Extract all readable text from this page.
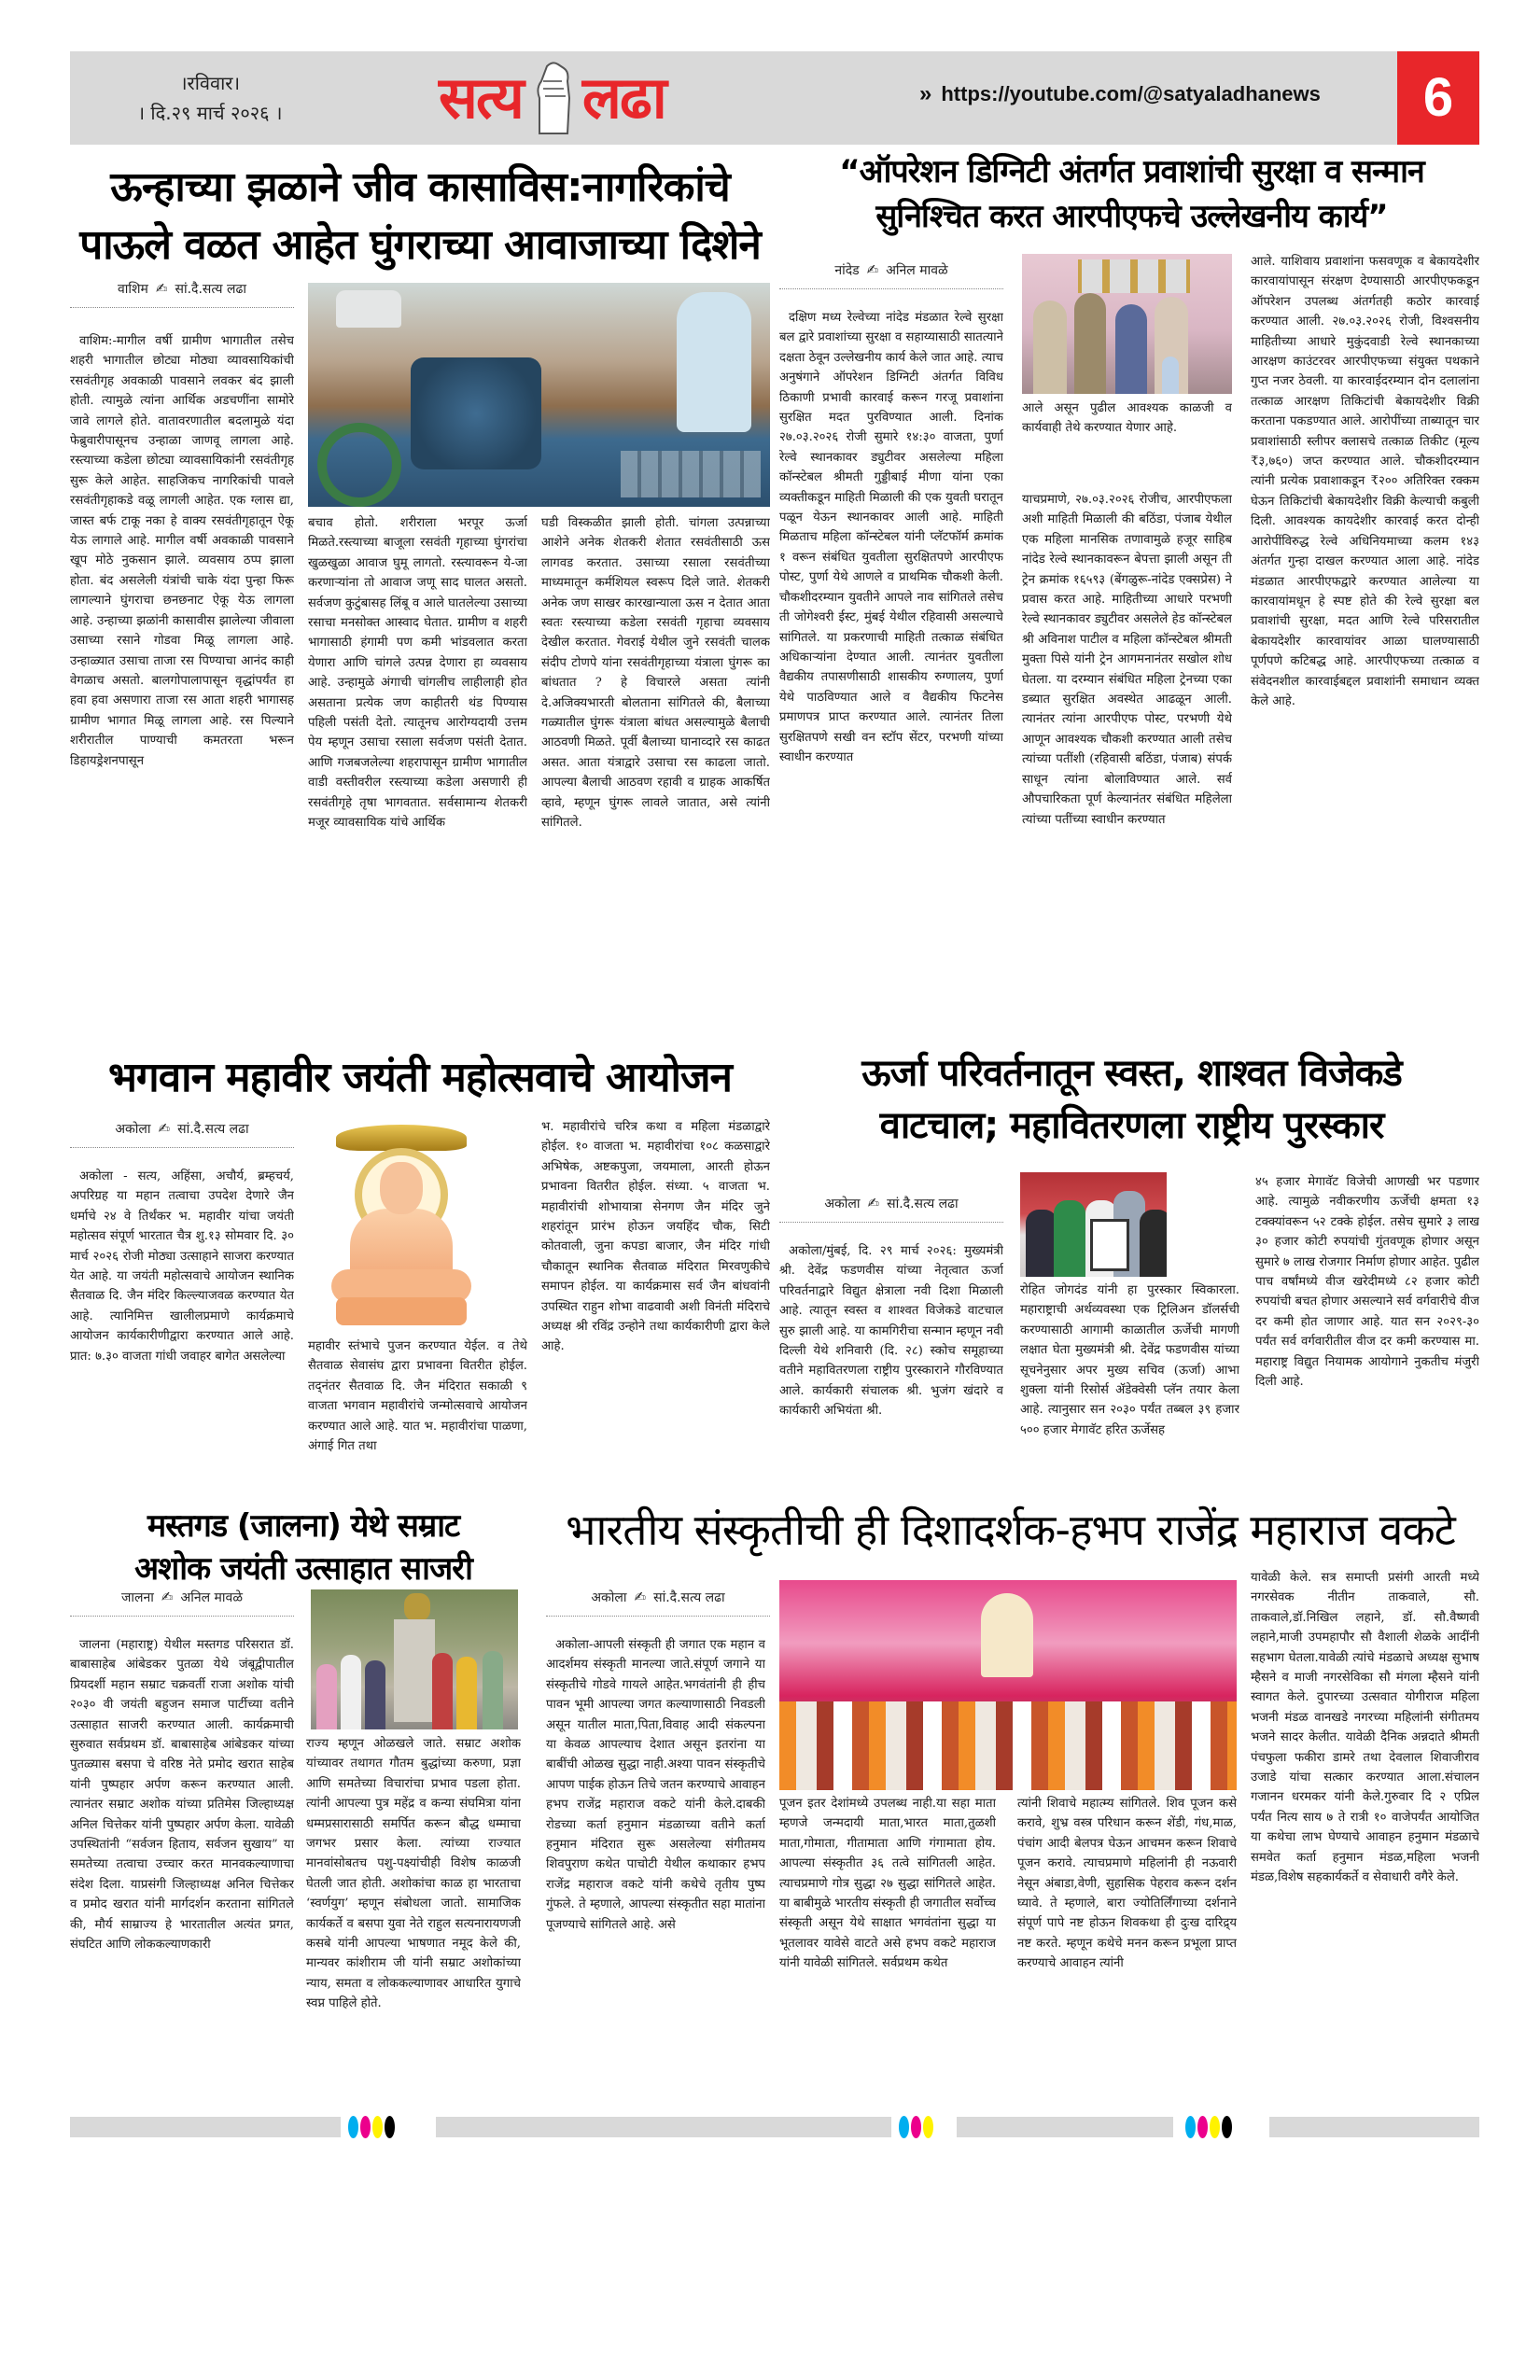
।रविवार।
। दि.२९ मार्च २०२६ ।	सत्य लढा	» https://youtube.com/@satyaladhanews	6
ऊन्हाच्या झळाने जीव कासाविस:नागरिकांचे
पाऊले वळत आहेत घुंगराच्या आवाजाच्या दिशेने
वाशिम ✍ सां.दै.सत्य लढा

वाशिम:-मागील वर्षी ग्रामीण भागातील तसेच शहरी भागातील छोट्या मोठ्या व्यावसायिकांची रसवंतीगृह अवकाळी पावसाने लवकर बंद झाली होती. त्यामुळे त्यांना आर्थिक अडचणींना सामोरे जावे लागले होते. वातावरणातील बदलामुळे यंदा फेब्रुवारीपासूनच उन्हाळा जाणवू लागला आहे. रस्त्याच्या कडेला छोट्या व्यावसायिकांनी रसवंतीगृह सुरू केले आहेत. साहजिकच नागरिकांची पावले रसवंतीगृहाकडे वळू लागली आहेत. एक ग्लास द्या, जास्त बर्फ टाकू नका हे वाक्य रसवंतीगृहातून ऐकू येऊ लागाले आहे. मागील वर्षी अवकाळी पावसाने खूप मोठे नुकसान झाले. व्यवसाय ठप्प झाला होता. बंद असलेली यंत्रांची चाके यंदा पुन्हा फिरू लागल्याने घुंगराचा छनछनाट ऐकू येऊ लागला आहे. उन्हाच्या झळांनी कासावीस झालेल्या जीवाला उसाच्या रसाने गोडवा मिळू लागला आहे. उन्हाळ्यात उसाचा ताजा रस पिण्याचा आनंद काही वेगळाच असतो. बालगोपालापासून वृद्धांपर्यंत हा हवा हवा असणारा ताजा रस आता शहरी भागासह ग्रामीण भागात मिळू लागला आहे. रस पिल्याने शरीरातील पाण्याची कमतरता भरून डिहायड्रेशनपासून

बचाव होतो. शरीराला भरपूर ऊर्जा मिळते.रस्त्याच्या बाजूला रसवंती गृहाच्या घुंगरांचा खुळखुळा आवाज घुमू लागतो. रस्त्यावरून ये-जा करणाऱ्यांना तो आवाज जणू साद घालत असतो. सर्वजण कुटुंबासह लिंबू व आले घातलेल्या उसाच्या रसाचा मनसोक्त आस्वाद घेतात. ग्रामीण व शहरी भागासाठी हंगामी पण कमी भांडवलात करता येणारा आणि चांगले उत्पन्न देणारा हा व्यवसाय आहे. उन्हामुळे अंगाची चांगलीच लाहीलाही होत असताना प्रत्येक जण काहीतरी थंड पिण्यास पहिली पसंती देतो. त्यातूनच आरोग्यदायी उत्तम पेय म्हणून उसाचा रसाला सर्वजण पसंती देतात. आणि गजबजलेल्या शहरापासून ग्रामीण भागातील वाडी वस्तीवरील रस्त्याच्या कडेला असणारी ही रसवंतीगृहे तृषा भागवतात. सर्वसामान्य शेतकरी मजूर व्यावसायिक यांचे आर्थिक

घडी विस्कळीत झाली होती. चांगला उत्पन्नाच्या आशेने अनेक शेतकरी शेतात रसवंतीसाठी ऊस लागवड करतात. उसाच्या रसाला रसवंतीच्या माध्यमातून कर्मशियल स्वरूप दिले जाते. शेतकरी अनेक जण साखर कारखान्याला ऊस न देतात आता स्वतः रस्त्याच्या कडेला रसवंती गृहाचा व्यवसाय देखील करतात. गेवराई येथील जुने रसवंती चालक संदीप टोणपे यांना रसवंतीगृहाच्या यंत्राला घुंगरू का बांधतात ? हे विचारले असता त्यांनी दे.अजिक्यभारती बोलताना सांगितले की, बैलाच्या गळ्यातील घुंगरू यंत्राला बांधत असल्यामुळे बैलाची आठवणी मिळते. पूर्वी बैलाच्या घानाव्दारे रस काढत असत. आता यंत्राद्वारे उसाचा रस काढला जातो. आपल्या बैलाची आठवण रहावी व ग्राहक आकर्षित व्हावे, म्हणून घुंगरू लावले जातात, असे त्यांनी सांगितले.

“ऑपरेशन डिग्निटी अंतर्गत प्रवाशांची सुरक्षा व सन्मान
सुनिश्चित करत आरपीएफचे उल्लेखनीय कार्य”
नांदेड ✍ अनिल मावळे

आले असून पुढील आवश्यक काळजी व कार्यवाही तेथे करण्यात येणार आहे.

दक्षिण मध्य रेल्वेच्या नांदेड मंडळात रेल्वे सुरक्षा बल द्वारे प्रवाशांच्या सुरक्षा व सहाय्यासाठी सातत्याने दक्षता ठेवून उल्लेखनीय कार्य केले जात आहे. त्याच अनुषंगाने ऑपरेशन डिग्निटी अंतर्गत विविध ठिकाणी प्रभावी कारवाई करून गरजू प्रवाशांना सुरक्षित मदत पुरविण्यात आली. दिनांक २७.०३.२०२६ रोजी सुमारे १४:३० वाजता, पुर्णा रेल्वे स्थानकावर ड्युटीवर असलेल्या महिला कॉन्स्टेबल श्रीमती गुड्डीबाई मीणा यांना एका व्यक्तीकडून माहिती मिळाली की एक युवती घरातून पळून येऊन स्थानकावर आली आहे. माहिती मिळताच महिला कॉन्स्टेबल यांनी प्लॅटफॉर्म क्रमांक १ वरून संबंधित युवतीला सुरक्षितपणे आरपीएफ पोस्ट, पुर्णा येथे आणले व प्राथमिक चौकशी केली. चौकशीदरम्यान युवतीने आपले नाव सांगितले तसेच ती जोगेश्वरी ईस्ट, मुंबई येथील रहिवासी असल्याचे सांगितले. या प्रकरणाची माहिती तत्काळ संबंधित अधिकाऱ्यांना देण्यात आली. त्यानंतर युवतीला वैद्यकीय तपासणीसाठी शासकीय रुग्णालय, पुर्णा येथे पाठविण्यात आले व वैद्यकीय फिटनेस प्रमाणपत्र प्राप्त करण्यात आले. त्यानंतर तिला सुरक्षितपणे सखी वन स्टॉप सेंटर, परभणी यांच्या स्वाधीन करण्यात

याचप्रमाणे, २७.०३.२०२६ रोजीच, आरपीएफला अशी माहिती मिळाली की बठिंडा, पंजाब येथील एक महिला मानसिक तणावामुळे हजूर साहिब नांदेड रेल्वे स्थानकावरून बेपत्ता झाली असून ती ट्रेन क्रमांक १६५९३ (बेंगळुरू-नांदेड एक्सप्रेस) ने प्रवास करत आहे. माहितीच्या आधारे परभणी रेल्वे स्थानकावर ड्युटीवर असलेले हेड कॉन्स्टेबल श्री अविनाश पाटील व महिला कॉन्स्टेबल श्रीमती मुक्ता पिसे यांनी ट्रेन आगमनानंतर सखोल शोध घेतला. या दरम्यान संबंधित महिला ट्रेनच्या एका डब्यात सुरक्षित अवस्थेत आढळून आली. त्यानंतर त्यांना आरपीएफ पोस्ट, परभणी येथे आणून आवश्यक चौकशी करण्यात आली तसेच त्यांच्या पतींशी (रहिवासी बठिंडा, पंजाब) संपर्क साधून त्यांना बोलाविण्यात आले. सर्व औपचारिकता पूर्ण केल्यानंतर संबंधित महिलेला त्यांच्या पतींच्या स्वाधीन करण्यात

आले. याशिवाय प्रवाशांना फसवणूक व बेकायदेशीर कारवायांपासून संरक्षण देण्यासाठी आरपीएफकडून ऑपरेशन उपलब्ध अंतर्गतही कठोर कारवाई करण्यात आली. २७.०३.२०२६ रोजी, विश्वसनीय माहितीच्या आधारे मुकुंदवाडी रेल्वे स्थानकाच्या आरक्षण काउंटरवर आरपीएफच्या संयुक्त पथकाने गुप्त नजर ठेवली. या कारवाईदरम्यान दोन दलालांना तत्काळ आरक्षण तिकिटांची बेकायदेशीर विक्री करताना पकडण्यात आले. आरोपींच्या ताब्यातून चार प्रवाशांसाठी स्लीपर क्लासचे तत्काळ तिकीट (मूल्य ₹३,७६०) जप्त करण्यात आले. चौकशीदरम्यान त्यांनी प्रत्येक प्रवाशाकडून ₹२०० अतिरिक्त रक्कम घेऊन तिकिटांची बेकायदेशीर विक्री केल्याची कबुली दिली. आवश्यक कायदेशीर कारवाई करत दोन्ही आरोपींविरुद्ध रेल्वे अधिनियमाच्या कलम १४३ अंतर्गत गुन्हा दाखल करण्यात आला आहे. नांदेड मंडळात आरपीएफद्वारे करण्यात आलेल्या या कारवायांमधून हे स्पष्ट होते की रेल्वे सुरक्षा बल प्रवाशांची सुरक्षा, मदत आणि रेल्वे परिसरातील बेकायदेशीर कारवायांवर आळा घालण्यासाठी पूर्णपणे कटिबद्ध आहे. आरपीएफच्या तत्काळ व संवेदनशील कारवाईबद्दल प्रवाशांनी समाधान व्यक्त केले आहे.

भगवान महावीर जयंती महोत्सवाचे आयोजन
अकोला ✍ सां.दै.सत्य लढा

अकोला - सत्य, अहिंसा, अचौर्य, ब्रम्हचर्य, अपरिग्रह या महान तत्वाचा उपदेश देणारे जैन धर्माचे २४ वे तिर्थंकर भ. महावीर यांचा जयंती महोत्सव संपूर्ण भारतात चैत्र शु.१३ सोमवार दि. ३० मार्च २०२६ रोजी मोठ्या उत्साहाने साजरा करण्यात येत आहे. या जयंती महोत्सवाचे आयोजन स्थानिक सैतवाळ दि. जैन मंदिर किल्ल्याजवळ करण्यात येत आहे. त्यानिमित्त खालीलप्रमाणे कार्यक्रमाचे आयोजन कार्यकारीणीद्वारा करण्यात आले आहे. प्रात: ७.३० वाजता गांधी जवाहर बागेत असलेल्या

महावीर स्तंभाचे पुजन करण्यात येईल. व तेथे सैतवाळ सेवासंघ द्वारा प्रभावना वितरीत होईल. तद्नंतर सैतवाळ दि. जैन मंदिरात सकाळी ९ वाजता भगवान महावीरांचे जन्मोत्सवाचे आयोजन करण्यात आले आहे. यात भ. महावीरांचा पाळणा, अंगाई गित तथा

भ. महावीरांचे चरित्र कथा व महिला मंडळाद्वारे होईल. १० वाजता भ. महावीरांचा १०८ कळसाद्वारे अभिषेक, अष्टकपुजा, जयमाला, आरती होऊन प्रभावना वितरीत होईल. संध्या. ५ वाजता भ. महावीरांची शोभायात्रा सेनगण जैन मंदिर जुने शहरांतून प्रारंभ होऊन जयहिंद चौक, सिटी कोतवाली, जुना कपडा बाजार, जैन मंदिर गांधी चौकातून स्थानिक सैतवाळ मंदिरात मिरवणुकीचे समापन होईल. या कार्यक्रमास सर्व जैन बांधवांनी उपस्थित राहुन शोभा वाढवावी अशी विनंती मंदिराचे अध्यक्ष श्री रविंद्र उन्होने तथा कार्यकारीणी द्वारा केले आहे.

ऊर्जा परिवर्तनातून स्वस्त, शाश्वत विजेकडे
वाटचाल; महावितरणला राष्ट्रीय पुरस्कार
अकोला ✍ सां.दै.सत्य लढा

अकोला/मुंबई, दि. २९ मार्च २०२६: मुख्यमंत्री श्री. देवेंद्र फडणवीस यांच्या नेतृत्वात ऊर्जा परिवर्तनाद्वारे विद्युत क्षेत्राला नवी दिशा मिळाली आहे. त्यातून स्वस्त व शाश्वत विजेकडे वाटचाल सुरु झाली आहे. या कामगिरीचा सन्मान म्हणून नवी दिल्ली येथे शनिवारी (दि. २८) स्कोच समूहाच्या वतीने महावितरणला राष्ट्रीय पुरस्काराने गौरविण्यात आले. कार्यकारी संचालक श्री. भुजंग खंदारे व कार्यकारी अभियंता श्री.

रोहित जोगदंड यांनी हा पुरस्कार स्विकारला. महाराष्ट्राची अर्थव्यवस्था एक ट्रिलिअन डॉलर्सची करण्यासाठी आगामी काळातील ऊर्जेची मागणी लक्षात घेता मुख्यमंत्री श्री. देवेंद्र फडणवीस यांच्या सूचनेनुसार अपर मुख्य सचिव (ऊर्जा) आभा शुक्ला यांनी रिसोर्स ॲडेक्वेसी प्लॅन तयार केला आहे. त्यानुसार सन २०३० पर्यंत तब्बल ३९ हजार ५०० हजार मेगावॅट हरित ऊर्जेसह

४५ हजार मेगावॅट विजेची आणखी भर पडणार आहे. त्यामुळे नवीकरणीय ऊर्जेची क्षमता १३ टक्क्यांवरून ५२ टक्के होईल. तसेच सुमारे ३ लाख ३० हजार कोटी रुपयांची गुंतवणूक होणार असून सुमारे ७ लाख रोजगार निर्माण होणार आहेत. पुढील पाच वर्षांमध्ये वीज खरेदीमध्ये ८२ हजार कोटी रुपयांची बचत होणार असल्याने सर्व वर्गवारीचे वीज दर कमी होत जाणार आहे. यात सन २०२९-३० पर्यंत सर्व वर्गवारीतील वीज दर कमी करण्यास मा. महाराष्ट्र विद्युत नियामक आयोगाने नुकतीच मंजुरी दिली आहे.

मस्तगड (जालना) येथे सम्राट
अशोक जयंती उत्साहात साजरी
जालना ✍ अनिल मावळे

जालना (महाराष्ट्र) येथील मस्तगड परिसरात डॉ. बाबासाहेब आंबेडकर पुतळा येथे जंबूद्वीपातील प्रियदर्शी महान सम्राट चक्रवर्ती राजा अशोक यांची २०३० वी जयंती बहुजन समाज पार्टीच्या वतीने उत्साहात साजरी करण्यात आली. कार्यक्रमाची सुरुवात सर्वप्रथम डॉ. बाबासाहेब आंबेडकर यांच्या पुतळ्यास बसपा चे वरिष्ठ नेते प्रमोद खरात साहेब यांनी पुष्पहार अर्पण करून करण्यात आली. त्यानंतर सम्राट अशोक यांच्या प्रतिमेस जिल्हाध्यक्ष अनिल चित्तेकर यांनी पुष्पहार अर्पण केला. यावेळी उपस्थितांनी “सर्वजन हिताय, सर्वजन सुखाय” या समतेच्या तत्वाचा उच्चार करत मानवकल्याणाचा संदेश दिला. याप्रसंगी जिल्हाध्यक्ष अनिल चित्तेकर व प्रमोद खरात यांनी मार्गदर्शन करताना सांगितले की, मौर्य साम्राज्य हे भारतातील अत्यंत प्रगत, संघटित आणि लोककल्याणकारी

राज्य म्हणून ओळखले जाते. सम्राट अशोक यांच्यावर तथागत गौतम बुद्धांच्या करुणा, प्रज्ञा आणि समतेच्या विचारांचा प्रभाव पडला होता. त्यांनी आपल्या पुत्र महेंद्र व कन्या संघमित्रा यांना धम्मप्रसारासाठी समर्पित करून बौद्ध धम्माचा जगभर प्रसार केला. त्यांच्या राज्यात मानवांसोबतच पशु-पक्ष्यांचीही विशेष काळजी घेतली जात होती. अशोकांचा काळ हा भारताचा ‘स्वर्णयुग’ म्हणून संबोधला जातो. सामाजिक कार्यकर्ते व बसपा युवा नेते राहुल सत्यनारायणजी कसबे यांनी आपल्या भाषणात नमूद केले की, मान्यवर कांशीराम जी यांनी सम्राट अशोकांच्या न्याय, समता व लोककल्याणावर आधारित युगाचे स्वप्न पाहिले होते.

भारतीय संस्कृतीची ही दिशादर्शक-हभप राजेंद्र महाराज वकटे
अकोला ✍ सां.दै.सत्य लढा

अकोला-आपली संस्कृती ही जगात एक महान व आदर्शमय संस्कृती मानल्या जाते.संपूर्ण जगाने या संस्कृतीचे गोडवे गायले आहेत.भगवंतांनी ही हीच पावन भूमी आपल्या जगत कल्याणासाठी निवडली असून यातील माता,पिता,विवाह आदी संकल्पना या केवळ आपल्याच देशात असून इतरांना या बाबींची ओळख सुद्धा नाही.अश्या पावन संस्कृतीचे आपण पाईक होऊन तिचे जतन करण्याचे आवाहन हभप राजेंद्र महाराज वकटे यांनी केले.दाबकी रोडच्या कर्ता हनुमान मंडळाच्या वतीने कर्ता हनुमान मंदिरात सुरू असलेल्या संगीतमय शिवपुराण कथेत पाचोटी येथील कथाकार हभप राजेंद्र महाराज वकटे यांनी कथेचे तृतीय पुष्प गुंफले. ते म्हणाले, आपल्या संस्कृतीत सहा मातांना पूजण्याचे सांगितले आहे. असे

पूजन इतर देशांमध्ये उपलब्ध नाही.या सहा माता म्हणजे जन्मदायी माता,भारत माता,तुळशी माता,गोमाता, गीतामाता आणि गंगामाता होय. आपल्या संस्कृतीत ३६ तत्वे सांगितली आहेत. त्याचप्रमाणे गोत्र सुद्धा २७ सुद्धा सांगितले आहेत. या बाबीमुळे भारतीय संस्कृती ही जगातील सर्वोच्च संस्कृती असून येथे साक्षात भगवंतांना सुद्धा या भूतलावर यावेसे वाटते असे हभप वकटे महाराज यांनी यावेळी सांगितले. सर्वप्रथम कथेत

त्यांनी शिवाचे महात्म्य सांगितले. शिव पूजन कसे करावे, शुभ्र वस्त्र परिधान करून शेंडी, गंध,माळ, पंचांग आदी बेलपत्र घेऊन आचमन करून शिवाचे पूजन करावे. त्याचप्रमाणे महिलांनी ही नऊवारी नेसून अंबाडा,वेणी, सुहासिक पेहराव करून दर्शन घ्यावे. ते म्हणाले, बारा ज्योतिर्लिंगाच्या दर्शनाने संपूर्ण पापे नष्ट होऊन शिवकथा ही दुःख दारिद्र्य नष्ट करते. म्हणून कथेचे मनन करून प्रभूला प्राप्त करण्याचे आवाहन त्यांनी

यावेळी केले. सत्र समाप्ती प्रसंगी आरती मध्ये नगरसेवक नीतीन ताकवाले, सौ. ताकवाले,डॉ.निखिल लहाने, डॉ. सौ.वैष्णवी लहाने,माजी उपमहापौर सौ वैशाली शेळके आदींनी सहभाग घेतला.यावेळी त्यांचे मंडळाचे अध्यक्ष सुभाष म्हैसने व माजी नगरसेविका सौ मंगला म्हैसने यांनी स्वागत केले. दुपारच्या उत्सवात योगीराज महिला भजनी मंडळ वानखडे नगरच्या महिलांनी संगीतमय भजने सादर केलीत. यावेळी दैनिक अन्नदाते श्रीमती पंचफुला फकीरा डामरे तथा देवलाल शिवाजीराव उजाडे यांचा सत्कार करण्यात आला.संचालन गजानन धरमकर यांनी केले.गुरुवार दि २ एप्रिल पर्यंत नित्य साय ७ ते रात्री १० वाजेपर्यंत आयोजित या कथेचा लाभ घेण्याचे आवाहन हनुमान मंडळाचे समवेत कर्ता हनुमान मंडळ,महिला भजनी मंडळ,विशेष सहकार्यकर्ते व सेवाधारी वगैरे केले.
